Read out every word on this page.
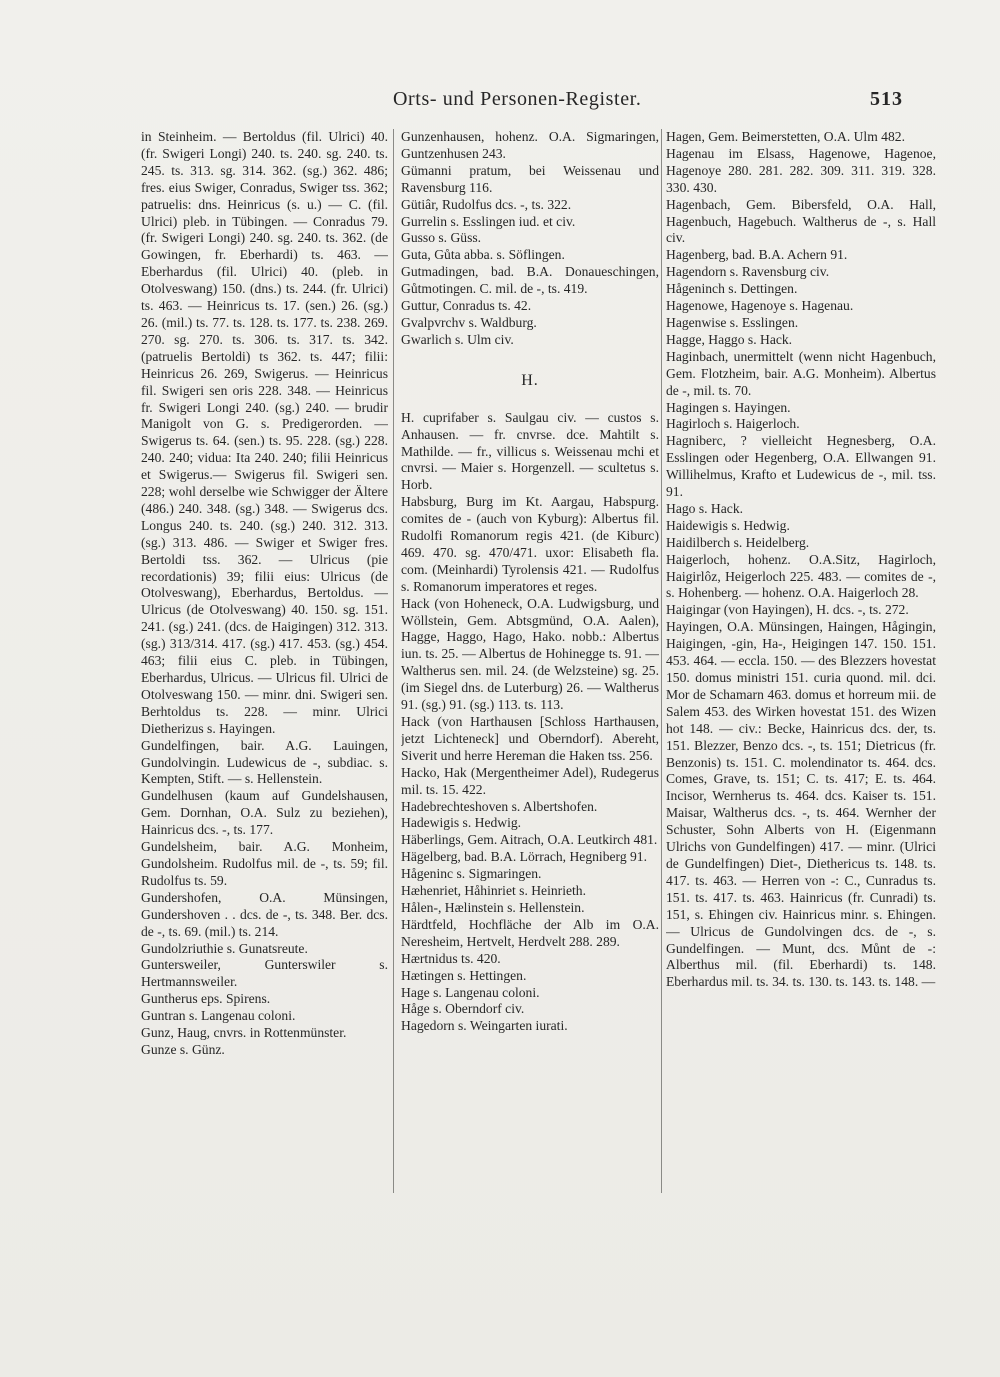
Orts- und Personen-Register.	513
in Steinheim. — Bertoldus (fil. Ulrici) 40. (fr. Swigeri Longi) 240. ts. 240. sg. 240. ts. 245. ts. 313. sg. 314. 362. (sg.) 362. 486; fres. eius Swiger, Conradus, Swiger tss. 362; patruelis: dns. Heinricus (s. u.) — C. (fil. Ulrici) pleb. in Tübingen. — Conradus 79. (fr. Swigeri Longi) 240. sg. 240. ts. 362. (de Gowingen, fr. Eberhardi) ts. 463. — Eberhardus (fil. Ulrici) 40. (pleb. in Otolveswang) 150. (dns.) ts. 244. (fr. Ulrici) ts. 463. — Heinricus ts. 17. (sen.) 26. (sg.) 26. (mil.) ts. 77. ts. 128. ts. 177. ts. 238. 269. 270. sg. 270. ts. 306. ts. 317. ts. 342. (patruelis Bertoldi) ts 362. ts. 447; filii: Heinricus 26. 269, Swigerus. — Heinricus fil. Swigeri sen oris 228. 348. — Heinricus fr. Swigeri Longi 240. (sg.) 240. — brudir Manigolt von G. s. Predigerorden. — Swigerus ts. 64. (sen.) ts. 95. 228. (sg.) 228. 240. 240; vidua: Ita 240. 240; filii Heinricus et Swigerus.— Swigerus fil. Swigeri sen. 228; wohl derselbe wie Schwigger der Ältere (486.) 240. 348. (sg.) 348. — Swigerus dcs. Longus 240. ts. 240. (sg.) 240. 312. 313. (sg.) 313. 486. — Swiger et Swiger fres. Bertoldi tss. 362. — Ulricus (pie recordationis) 39; filii eius: Ulricus (de Otolveswang), Eberhardus, Bertoldus. — Ulricus (de Otolveswang) 40. 150. sg. 151. 241. (sg.) 241. (dcs. de Haigingen) 312. 313. (sg.) 313/314. 417. (sg.) 417. 453. (sg.) 454. 463; filii eius C. pleb. in Tübingen, Eberhardus, Ulricus. — Ulricus fil. Ulrici de Otolveswang 150. — minr. dni. Swigeri sen. Berhtoldus ts. 228. — minr. Ulrici Dietherizus s. Hayingen.
Gundelfingen, bair. A.G. Lauingen, Gundolvingin. Ludewicus de -, subdiac. s. Kempten, Stift. — s. Hellenstein.
Gundelhusen (kaum auf Gundelshausen, Gem. Dornhan, O.A. Sulz zu beziehen), Hainricus dcs. -, ts. 177.
Gundelsheim, bair. A.G. Monheim, Gundolsheim. Rudolfus mil. de -, ts. 59; fil. Rudolfus ts. 59.
Gundershofen, O.A. Münsingen, Gundershoven . . dcs. de -, ts. 348. Ber. dcs. de -, ts. 69. (mil.) ts. 214.
Gundolzriuthie s. Gunatsreute.
Guntersweiler, Gunterswiler s. Hertmannsweiler.
Guntherus eps. Spirens.
Guntran s. Langenau coloni.
Gunz, Haug, cnvrs. in Rottenmünster.
Gunze s. Günz.
Gunzenhausen, hohenz. O.A. Sigmaringen, Guntzenhusen 243.
Gümanni pratum, bei Weissenau und Ravensburg 116.
Gütiâr, Rudolfus dcs. -, ts. 322.
Gurrelin s. Esslingen iud. et civ.
Gusso s. Güss.
Guta, Gůta abba. s. Söflingen.
Gutmadingen, bad. B.A. Donaueschingen, Gůtmotingen. C. mil. de -, ts. 419.
Guttur, Conradus ts. 42.
Gvalpvrchv s. Waldburg.
Gwarlich s. Ulm civ.
H.
H. cuprifaber s. Saulgau civ. — custos s. Anhausen. — fr. cnvrse. dce. Mahtilt s. Mathilde. — fr., villicus s. Weissenau mchi et cnvrsi. — Maier s. Horgenzell. — scultetus s. Horb.
Habsburg, Burg im Kt. Aargau, Habspurg. comites de - (auch von Kyburg): Albertus fil. Rudolfi Romanorum regis 421. (de Kiburc) 469. 470. sg. 470/471. uxor: Elisabeth fla. com. (Meinhardi) Tyrolensis 421. — Rudolfus s. Romanorum imperatores et reges.
Hack (von Hoheneck, O.A. Ludwigsburg, und Wöllstein, Gem. Abtsgmünd, O.A. Aalen), Hagge, Haggo, Hago, Hako. nobb.: Albertus iun. ts. 25. — Albertus de Hohinegge ts. 91. — Waltherus sen. mil. 24. (de Welzsteine) sg. 25. (im Siegel dns. de Luterburg) 26. — Waltherus 91. (sg.) 91. (sg.) 113. ts. 113.
Hack (von Harthausen [Schloss Harthausen, jetzt Lichteneck] und Oberndorf). Abereht, Siverit und herre Hereman die Haken tss. 256.
Hacko, Hak (Mergentheimer Adel), Rudegerus mil. ts. 15. 422.
Hadebrechteshoven s. Albertshofen.
Hadewigis s. Hedwig.
Häberlings, Gem. Aitrach, O.A. Leutkirch 481.
Hägelberg, bad. B.A. Lörrach, Hegniberg 91.
Hågeninc s. Sigmaringen.
Hæhenriet, Håhinriet s. Heinrieth.
Hålen-, Hælinstein s. Hellenstein.
Härdtfeld, Hochfläche der Alb im O.A. Neresheim, Hertvelt, Herdvelt 288. 289.
Hærtnidus ts. 420.
Hætingen s. Hettingen.
Hage s. Langenau coloni.
Håge s. Oberndorf civ.
Hagedorn s. Weingarten iurati.
Hagen, Gem. Beimerstetten, O.A. Ulm 482.
Hagenau im Elsass, Hagenowe, Hagenoe, Hagenoye 280. 281. 282. 309. 311. 319. 328. 330. 430.
Hagenbach, Gem. Bibersfeld, O.A. Hall, Hagenbuch, Hagebuch. Waltherus de -, s. Hall civ.
Hagenberg, bad. B.A. Achern 91.
Hagendorn s. Ravensburg civ.
Hågeninch s. Dettingen.
Hagenowe, Hagenoye s. Hagenau.
Hagenwise s. Esslingen.
Hagge, Haggo s. Hack.
Haginbach, unermittelt (wenn nicht Hagenbuch, Gem. Flotzheim, bair. A.G. Monheim). Albertus de -, mil. ts. 70.
Hagingen s. Hayingen.
Hagirloch s. Haigerloch.
Hagniberc, ? vielleicht Hegnesberg, O.A. Esslingen oder Hegenberg, O.A. Ellwangen 91. Willihelmus, Krafto et Ludewicus de -, mil. tss. 91.
Hago s. Hack.
Haidewigis s. Hedwig.
Haidilberch s. Heidelberg.
Haigerloch, hohenz. O.A.Sitz, Hagirloch, Haigirlôz, Heigerloch 225. 483. — comites de -, s. Hohenberg. — hohenz. O.A. Haigerloch 28.
Haigingar (von Hayingen), H. dcs. -, ts. 272.
Hayingen, O.A. Münsingen, Haingen, Hågingin, Haigingen, -gin, Ha-, Heigingen 147. 150. 151. 453. 464. — eccla. 150. — des Blezzers hovestat 150. domus ministri 151. curia quond. mil. dci. Mor de Schamarn 463. domus et horreum mii. de Salem 453. des Wirken hovestat 151. des Wizen hot 148. — civ.: Becke, Hainricus dcs. der, ts. 151. Blezzer, Benzo dcs. -, ts. 151; Dietricus (fr. Benzonis) ts. 151. C. molendinator ts. 464. dcs. Comes, Grave, ts. 151; C. ts. 417; E. ts. 464. Incisor, Wernherus ts. 464. dcs. Kaiser ts. 151. Maisar, Waltherus dcs. -, ts. 464. Wernher der Schuster, Sohn Alberts von H. (Eigenmann Ulrichs von Gundelfingen) 417. — minr. (Ulrici de Gundelfingen) Diet-, Diethericus ts. 148. ts. 417. ts. 463. — Herren von -: C., Cunradus ts. 151. ts. 417. ts. 463. Hainricus (fr. Cunradi) ts. 151, s. Ehingen civ. Hainricus minr. s. Ehingen. — Ulricus de Gundolvingen dcs. de -, s. Gundelfingen. — Munt, dcs. Můnt de -: Alberthus mil. (fil. Eberhardi) ts. 148. Eberhardus mil. ts. 34. ts. 130. ts. 143. ts. 148. —
